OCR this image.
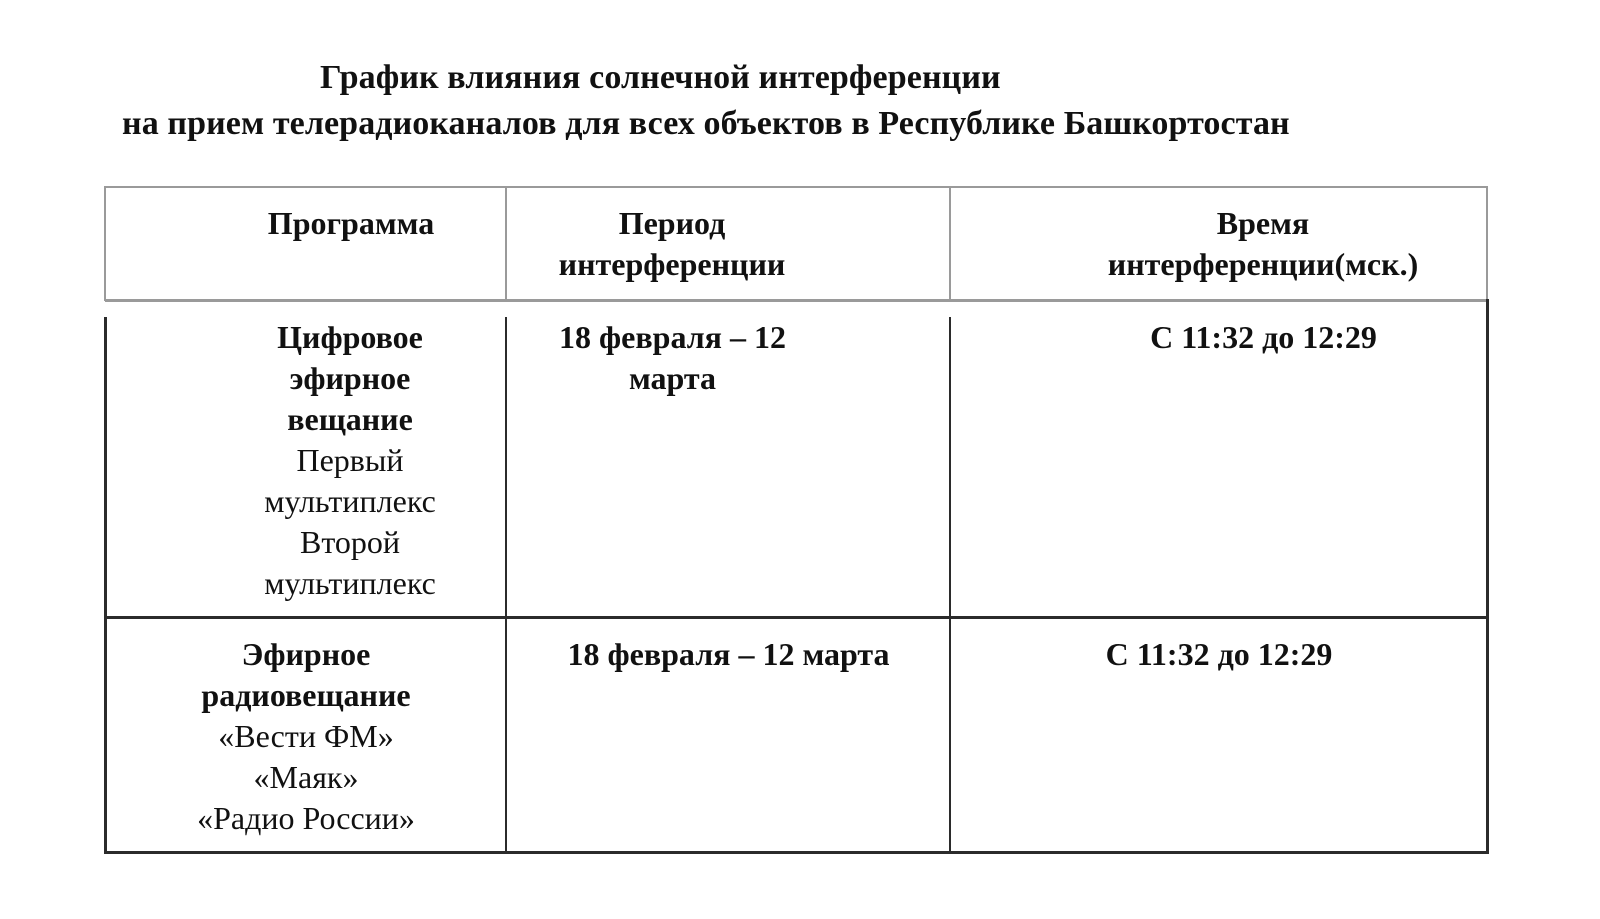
График влияния солнечной интерференции
на прием телерадиоканалов для всех объектов в Республике Башкортостан
Программа	Период
интерференции
Время
интерференции(мск.)
Цифровое
эфирное
вещание
Первый
мультиплекс
Второй
мультиплекс
18 февраля – 12
марта
С 11:32 до 12:29
Эфирное
радиовещание
«Вести ФМ»
«Маяк»
«Радио России»
18 февраля – 12 марта	С 11:32 до 12:29
